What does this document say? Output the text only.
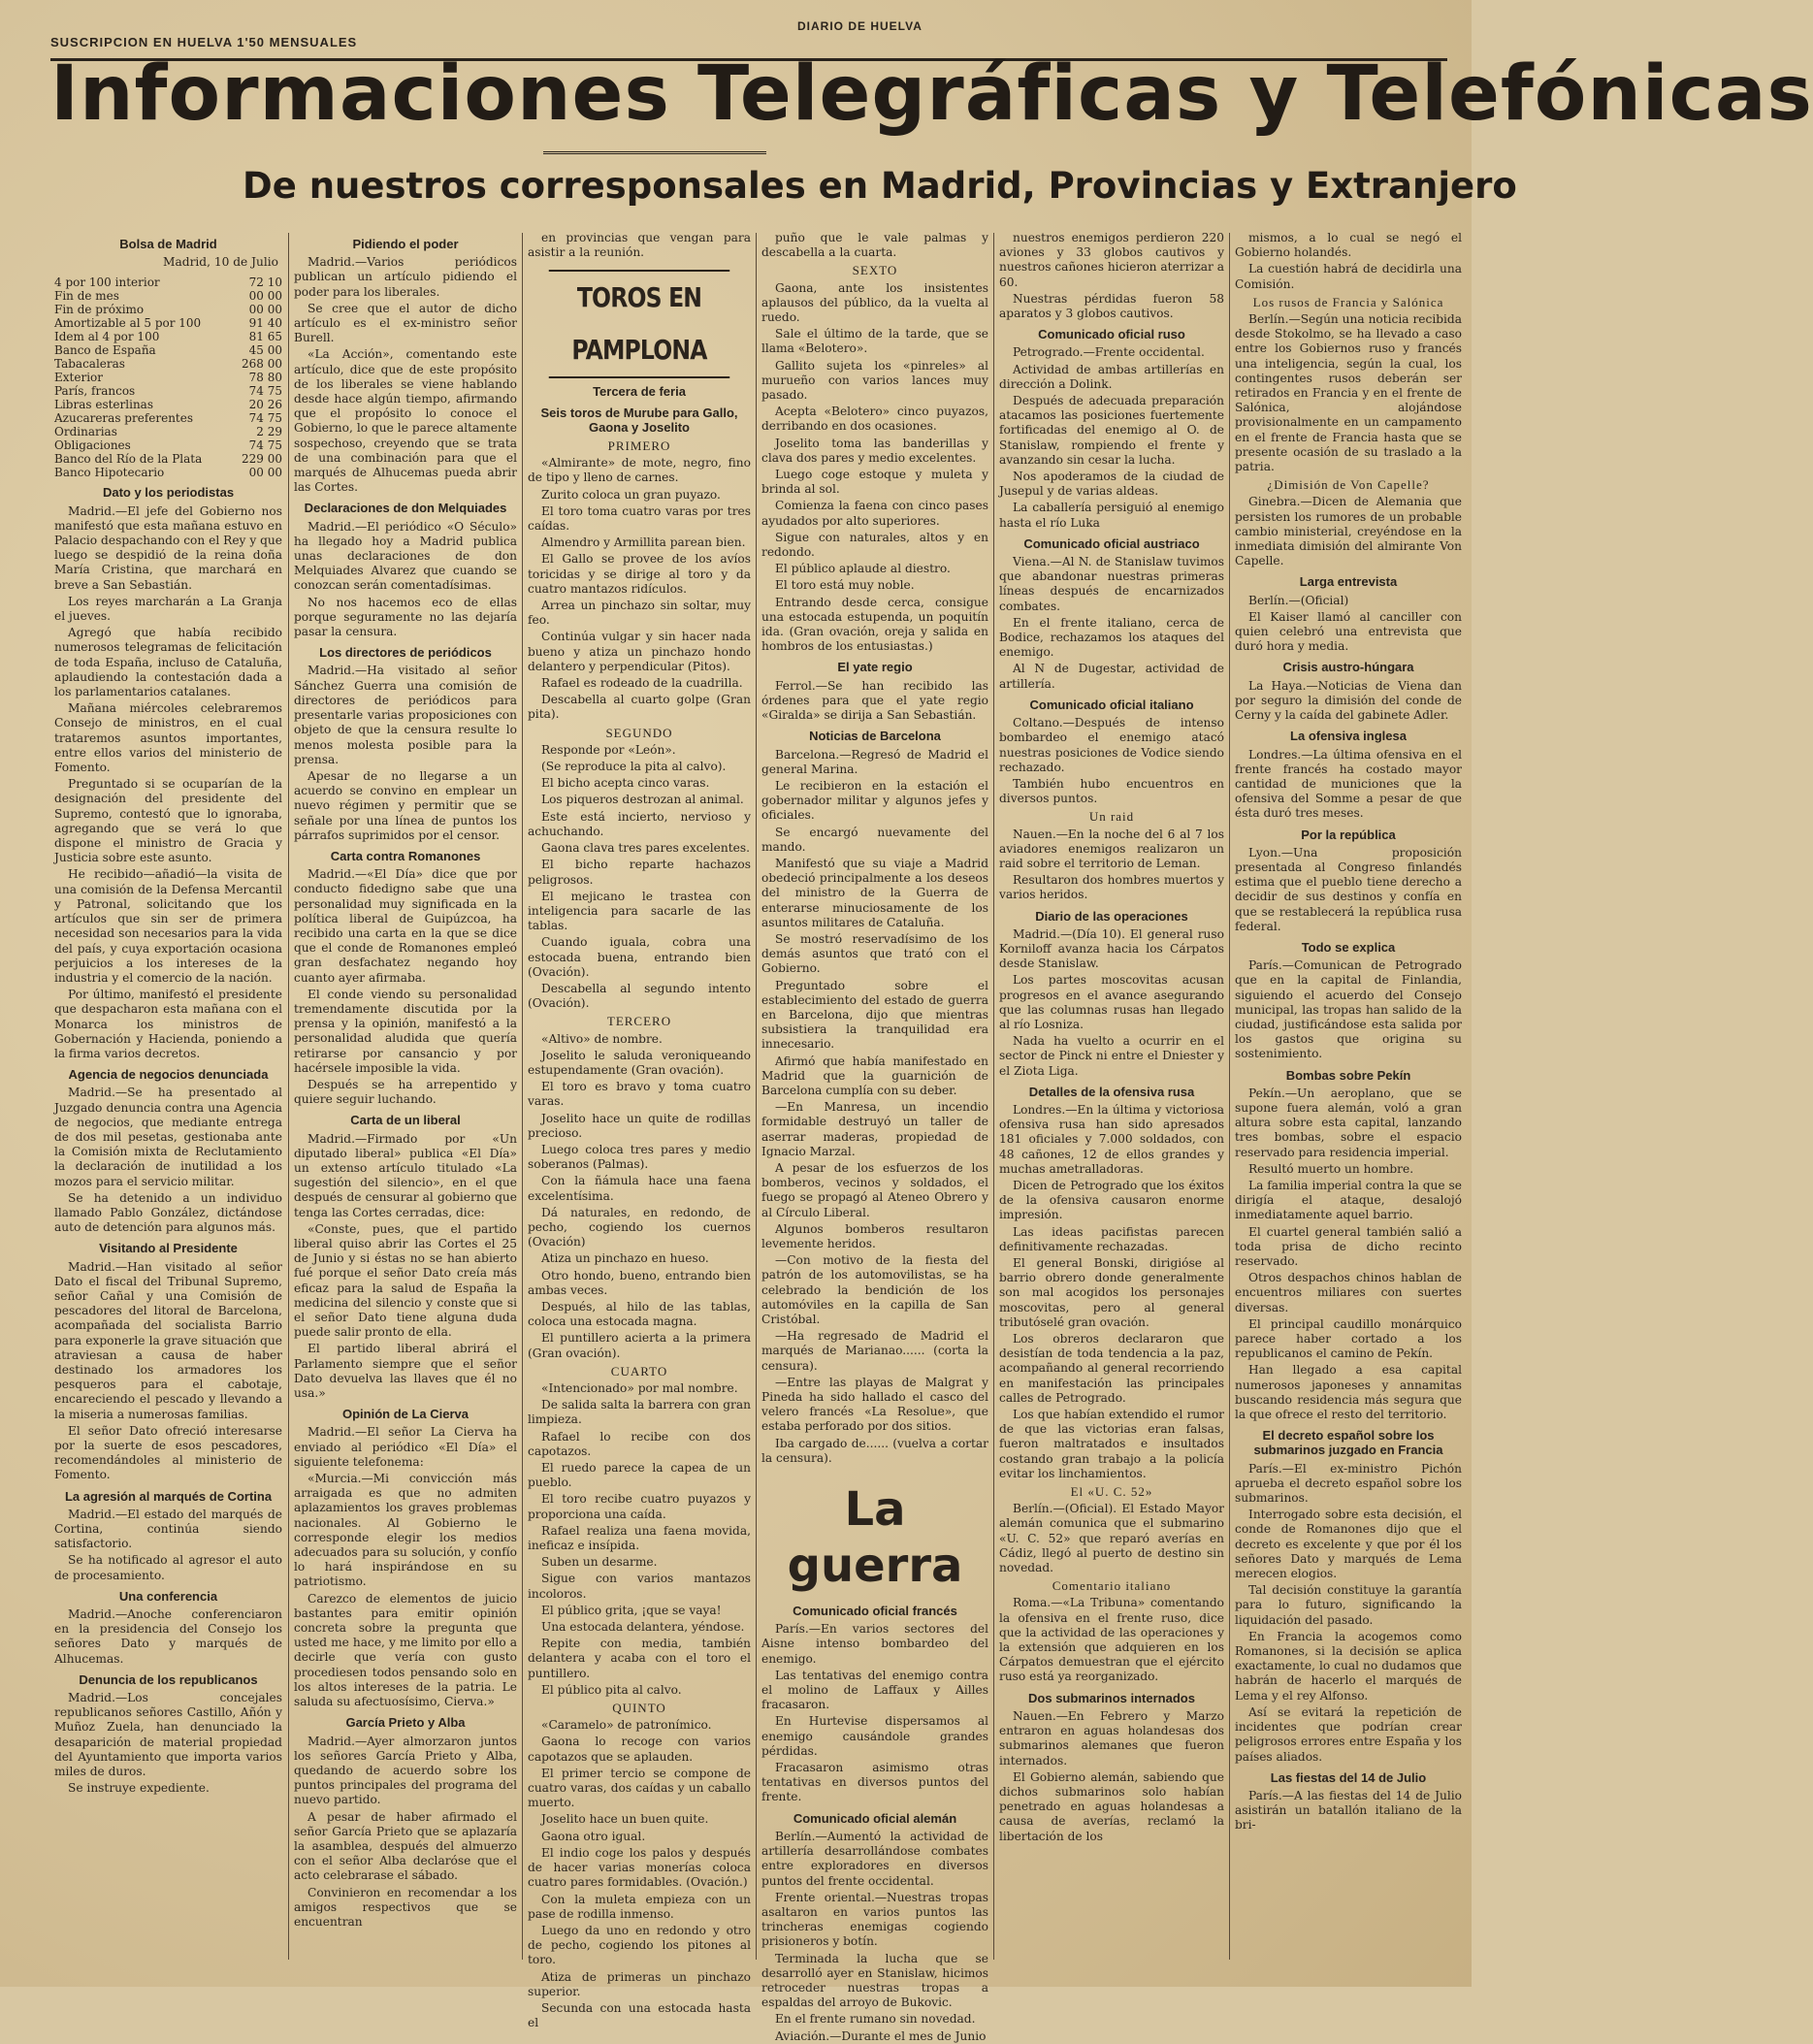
SUSCRIPCION EN HUELVA 1'50 MENSUALES
DIARIO DE HUELVA
Informaciones Telegráficas y Telefónicas
De nuestros corresponsales en Madrid, Provincias y Extranjero
Bolsa de Madrid
Madrid, 10 de Julio
4 por 100 interior	72 10
Fin de mes	00 00
Fin de próximo	00 00
Amortizable al 5 por 100	91 40
Idem al 4 por 100	81 65
Banco de España	45 00
Tabacaleras	268 00
Exterior	78 80
París, francos	74 75
Libras esterlinas	20 26
Azucareras preferentes	74 75
Ordinarias	2 29
Obligaciones	74 75
Banco del Río de la Plata	229 00
Banco Hipotecario	00 00
Dato y los periodistas

Madrid.—El jefe del Gobierno nos manifestó que esta mañana estuvo en Palacio despachando con el Rey y que luego se despidió de la reina doña María Cristina, que marchará en breve a San Sebastián.

Los reyes marcharán a La Granja el jueves.

Agregó que había recibido numerosos telegramas de felicitación de toda España, incluso de Cataluña, aplaudiendo la contestación dada a los parlamentarios catalanes.

Mañana miércoles celebraremos Consejo de ministros, en el cual trataremos asuntos importantes, entre ellos varios del ministerio de Fomento.

Preguntado si se ocuparían de la designación del presidente del Supremo, contestó que lo ignoraba, agregando que se verá lo que dispone el ministro de Gracia y Justicia sobre este asunto.

He recibido—añadió—la visita de una comisión de la Defensa Mercantil y Patronal, solicitando que los artículos que sin ser de primera necesidad son necesarios para la vida del país, y cuya exportación ocasiona perjuicios a los intereses de la industria y el comercio de la nación.

Por último, manifestó el presidente que despacharon esta mañana con el Monarca los ministros de Gobernación y Hacienda, poniendo a la firma varios decretos.

Agencia de negocios denunciada

Madrid.—Se ha presentado al Juzgado denuncia contra una Agencia de negocios, que mediante entrega de dos mil pesetas, gestionaba ante la Comisión mixta de Reclutamiento la declaración de inutilidad a los mozos para el servicio militar.

Se ha detenido a un individuo llamado Pablo González, dictándose auto de detención para algunos más.

Visitando al Presidente

Madrid.—Han visitado al señor Dato el fiscal del Tribunal Supremo, señor Cañal y una Comisión de pescadores del litoral de Barcelona, acompañada del socialista Barrio para exponerle la grave situación que atraviesan a causa de haber destinado los armadores los pesqueros para el cabotaje, encareciendo el pescado y llevando a la miseria a numerosas familias.

El señor Dato ofreció interesarse por la suerte de esos pescadores, recomendándoles al ministerio de Fomento.

La agresión al marqués de Cortina

Madrid.—El estado del marqués de Cortina, continúa siendo satisfactorio.

Se ha notificado al agresor el auto de procesamiento.

Una conferencia

Madrid.—Anoche conferenciaron en la presidencia del Consejo los señores Dato y marqués de Alhucemas.

Denuncia de los republicanos

Madrid.—Los concejales republicanos señores Castillo, Añón y Muñoz Zuela, han denunciado la desaparición de material propiedad del Ayuntamiento que importa varios miles de duros.

Se instruye expediente.

Pidiendo el poder

Madrid.—Varios periódicos publican un artículo pidiendo el poder para los liberales.

Se cree que el autor de dicho artículo es el ex-ministro señor Burell.

«La Acción», comentando este artículo, dice que de este propósito de los liberales se viene hablando desde hace algún tiempo, afirmando que el propósito lo conoce el Gobierno, lo que le parece altamente sospechoso, creyendo que se trata de una combinación para que el marqués de Alhucemas pueda abrir las Cortes.

Declaraciones de don Melquiades

Madrid.—El periódico «O Século» ha llegado hoy a Madrid publica unas declaraciones de don Melquiades Alvarez que cuando se conozcan serán comentadísimas.

No nos hacemos eco de ellas porque seguramente no las dejaría pasar la censura.

Los directores de periódicos

Madrid.—Ha visitado al señor Sánchez Guerra una comisión de directores de periódicos para presentarle varias proposiciones con objeto de que la censura resulte lo menos molesta posible para la prensa.

Apesar de no llegarse a un acuerdo se convino en emplear un nuevo régimen y permitir que se señale por una línea de puntos los párrafos suprimidos por el censor.

Carta contra Romanones

Madrid.—«El Día» dice que por conducto fidedigno sabe que una personalidad muy significada en la política liberal de Guipúzcoa, ha recibido una carta en la que se dice que el conde de Romanones empleó gran desfachatez negando hoy cuanto ayer afirmaba.

El conde viendo su personalidad tremendamente discutida por la prensa y la opinión, manifestó a la personalidad aludida que quería retirarse por cansancio y por hacérsele imposible la vida.

Después se ha arrepentido y quiere seguir luchando.

Carta de un liberal

Madrid.—Firmado por «Un diputado liberal» publica «El Día» un extenso artículo titulado «La sugestión del silencio», en el que después de censurar al gobierno que tenga las Cortes cerradas, dice:

«Conste, pues, que el partido liberal quiso abrir las Cortes el 25 de Junio y si éstas no se han abierto fué porque el señor Dato creía más eficaz para la salud de España la medicina del silencio y conste que si el señor Dato tiene alguna duda puede salir pronto de ella.

El partido liberal abrirá el Parlamento siempre que el señor Dato devuelva las llaves que él no usa.»

Opinión de La Cierva

Madrid.—El señor La Cierva ha enviado al periódico «El Día» el siguiente telefonema:

«Murcia.—Mi convicción más arraigada es que no admiten aplazamientos los graves problemas nacionales. Al Gobierno le corresponde elegir los medios adecuados para su solución, y confío lo hará inspirándose en su patriotismo.

Carezco de elementos de juicio bastantes para emitir opinión concreta sobre la pregunta que usted me hace, y me limito por ello a decirle que vería con gusto procediesen todos pensando solo en los altos intereses de la patria. Le saluda su afectuosísimo, Cierva.»

García Prieto y Alba

Madrid.—Ayer almorzaron juntos los señores García Prieto y Alba, quedando de acuerdo sobre los puntos principales del programa del nuevo partido.

A pesar de haber afirmado el señor García Prieto que se aplazaría la asamblea, después del almuerzo con el señor Alba declaróse que el acto celebrarase el sábado.

Convinieron en recomendar a los amigos respectivos que se encuentran

en provincias que vengan para asistir a la reunión.

TOROS EN PAMPLONA
Tercera de feria
Seis toros de Murube para Gallo, Gaona y Joselito
PRIMERO

«Almirante» de mote, negro, fino de tipo y lleno de carnes.

Zurito coloca un gran puyazo.

El toro toma cuatro varas por tres caídas.

Almendro y Armillita parean bien.

El Gallo se provee de los avíos toricidas y se dirige al toro y da cuatro mantazos ridículos.

Arrea un pinchazo sin soltar, muy feo.

Continúa vulgar y sin hacer nada bueno y atiza un pinchazo hondo delantero y perpendicular (Pitos).

Rafael es rodeado de la cuadrilla.

Descabella al cuarto golpe (Gran pita).

SEGUNDO

Responde por «León».

(Se reproduce la pita al calvo).

El bicho acepta cinco varas.

Los piqueros destrozan al animal.

Este está incierto, nervioso y achuchando.

Gaona clava tres pares excelentes.

El bicho reparte hachazos peligrosos.

El mejicano le trastea con inteligencia para sacarle de las tablas.

Cuando iguala, cobra una estocada buena, entrando bien (Ovación).

Descabella al segundo intento (Ovación).

TERCERO

«Altivo» de nombre.

Joselito le saluda veroniqueando estupendamente (Gran ovación).

El toro es bravo y toma cuatro varas.

Joselito hace un quite de rodillas precioso.

Luego coloca tres pares y medio soberanos (Palmas).

Con la ñámula hace una faena excelentísima.

Dá naturales, en redondo, de pecho, cogiendo los cuernos (Ovación)

Atiza un pinchazo en hueso.

Otro hondo, bueno, entrando bien ambas veces.

Después, al hilo de las tablas, coloca una estocada magna.

El puntillero acierta a la primera (Gran ovación).

CUARTO

«Intencionado» por mal nombre.

De salida salta la barrera con gran limpieza.

Rafael lo recibe con dos capotazos.

El ruedo parece la capea de un pueblo.

El toro recibe cuatro puyazos y proporciona una caída.

Rafael realiza una faena movida, ineficaz e insípida.

Suben un desarme.

Sigue con varios mantazos incoloros.

El público grita, ¡que se vaya!

Una estocada delantera, yéndose.

Repite con media, también delantera y acaba con el toro el puntillero.

El público pita al calvo.

QUINTO

«Caramelo» de patronímico.

Gaona lo recoge con varios capotazos que se aplauden.

El primer tercio se compone de cuatro varas, dos caídas y un caballo muerto.

Joselito hace un buen quite.

Gaona otro igual.

El indio coge los palos y después de hacer varias monerías coloca cuatro pares formidables. (Ovación.)

Con la muleta empieza con un pase de rodilla inmenso.

Luego da uno en redondo y otro de pecho, cogiendo los pitones al toro.

Atiza de primeras un pinchazo superior.

Secunda con una estocada hasta el

puño que le vale palmas y descabella a la cuarta.

SEXTO

Gaona, ante los insistentes aplausos del público, da la vuelta al ruedo.

Sale el último de la tarde, que se llama «Belotero».

Gallito sujeta los «pinreles» al murueño con varios lances muy pasado.

Acepta «Belotero» cinco puyazos, derribando en dos ocasiones.

Joselito toma las banderillas y clava dos pares y medio excelentes.

Luego coge estoque y muleta y brinda al sol.

Comienza la faena con cinco pases ayudados por alto superiores.

Sigue con naturales, altos y en redondo.

El público aplaude al diestro.

El toro está muy noble.

Entrando desde cerca, consigue una estocada estupenda, un poquitín ida. (Gran ovación, oreja y salida en hombros de los entusiastas.)

El yate regio

Ferrol.—Se han recibido las órdenes para que el yate regio «Giralda» se dirija a San Sebastián.

Noticias de Barcelona

Barcelona.—Regresó de Madrid el general Marina.

Le recibieron en la estación el gobernador militar y algunos jefes y oficiales.

Se encargó nuevamente del mando.

Manifestó que su viaje a Madrid obedeció principalmente a los deseos del ministro de la Guerra de enterarse minuciosamente de los asuntos militares de Cataluña.

Se mostró reservadísimo de los demás asuntos que trató con el Gobierno.

Preguntado sobre el establecimiento del estado de guerra en Barcelona, dijo que mientras subsistiera la tranquilidad era innecesario.

Afirmó que había manifestado en Madrid que la guarnición de Barcelona cumplía con su deber.

—En Manresa, un incendio formidable destruyó un taller de aserrar maderas, propiedad de Ignacio Marzal.

A pesar de los esfuerzos de los bomberos, vecinos y soldados, el fuego se propagó al Ateneo Obrero y al Círculo Liberal.

Algunos bomberos resultaron levemente heridos.

—Con motivo de la fiesta del patrón de los automovilistas, se ha celebrado la bendición de los automóviles en la capilla de San Cristóbal.

—Ha regresado de Madrid el marqués de Marianao...... (corta la censura).

—Entre las playas de Malgrat y Pineda ha sido hallado el casco del velero francés «La Resolue», que estaba perforado por dos sitios.

Iba cargado de...... (vuelva a cortar la censura).

La guerra
Comunicado oficial francés

París.—En varios sectores del Aisne intenso bombardeo del enemigo.

Las tentativas del enemigo contra el molino de Laffaux y Ailles fracasaron.

En Hurtevise dispersamos al enemigo causándole grandes pérdidas.

Fracasaron asimismo otras tentativas en diversos puntos del frente.

Comunicado oficial alemán

Berlín.—Aumentó la actividad de artillería desarrollándose combates entre exploradores en diversos puntos del frente occidental.

Frente oriental.—Nuestras tropas asaltaron en varios puntos las trincheras enemigas cogiendo prisioneros y botín.

Terminada la lucha que se desarrolló ayer en Stanislaw, hicimos retroceder nuestras tropas a espaldas del arroyo de Bukovic.

En el frente rumano sin novedad.

Aviación.—Durante el mes de Junio

nuestros enemigos perdieron 220 aviones y 33 globos cautivos y nuestros cañones hicieron aterrizar a 60.

Nuestras pérdidas fueron 58 aparatos y 3 globos cautivos.

Comunicado oficial ruso

Petrogrado.—Frente occidental.

Actividad de ambas artillerías en dirección a Dolink.

Después de adecuada preparación atacamos las posiciones fuertemente fortificadas del enemigo al O. de Stanislaw, rompiendo el frente y avanzando sin cesar la lucha.

Nos apoderamos de la ciudad de Jusepul y de varias aldeas.

La caballería persiguió al enemigo hasta el río Luka

Comunicado oficial austriaco

Viena.—Al N. de Stanislaw tuvimos que abandonar nuestras primeras líneas después de encarnizados combates.

En el frente italiano, cerca de Bodice, rechazamos los ataques del enemigo.

Al N de Dugestar, actividad de artillería.

Comunicado oficial italiano

Coltano.—Después de intenso bombardeo el enemigo atacó nuestras posiciones de Vodice siendo rechazado.

También hubo encuentros en diversos puntos.

Un raid

Nauen.—En la noche del 6 al 7 los aviadores enemigos realizaron un raid sobre el territorio de Leman.

Resultaron dos hombres muertos y varios heridos.

Diario de las operaciones

Madrid.—(Día 10). El general ruso Korniloff avanza hacia los Cárpatos desde Stanislaw.

Los partes moscovitas acusan progresos en el avance asegurando que las columnas rusas han llegado al río Losniza.

Nada ha vuelto a ocurrir en el sector de Pinck ni entre el Dniester y el Ziota Liga.

Detalles de la ofensiva rusa

Londres.—En la última y victoriosa ofensiva rusa han sido apresados 181 oficiales y 7.000 soldados, con 48 cañones, 12 de ellos grandes y muchas ametralladoras.

Dicen de Petrogrado que los éxitos de la ofensiva causaron enorme impresión.

Las ideas pacifistas parecen definitivamente rechazadas.

El general Bonski, dirigióse al barrio obrero donde generalmente son mal acogidos los personajes moscovitas, pero al general tributóselé gran ovación.

Los obreros declararon que desistían de toda tendencia a la paz, acompañando al general recorriendo en manifestación las principales calles de Petrogrado.

Los que habían extendido el rumor de que las victorias eran falsas, fueron maltratados e insultados costando gran trabajo a la policía evitar los linchamientos.

El «U. C. 52»

Berlín.—(Oficial). El Estado Mayor alemán comunica que el submarino «U. C. 52» que reparó averías en Cádiz, llegó al puerto de destino sin novedad.

Comentario italiano

Roma.—«La Tribuna» comentando la ofensiva en el frente ruso, dice que la actividad de las operaciones y la extensión que adquieren en los Cárpatos demuestran que el ejército ruso está ya reorganizado.

Dos submarinos internados

Nauen.—En Febrero y Marzo entraron en aguas holandesas dos submarinos alemanes que fueron internados.

El Gobierno alemán, sabiendo que dichos submarinos solo habían penetrado en aguas holandesas a causa de averías, reclamó la libertación de los

mismos, a lo cual se negó el Gobierno holandés.

La cuestión habrá de decidirla una Comisión.

Los rusos de Francia y Salónica

Berlín.—Según una noticia recibida desde Stokolmo, se ha llevado a caso entre los Gobiernos ruso y francés una inteligencia, según la cual, los contingentes rusos deberán ser retirados en Francia y en el frente de Salónica, alojándose provisionalmente en un campamento en el frente de Francia hasta que se presente ocasión de su traslado a la patria.

¿Dimisión de Von Capelle?

Ginebra.—Dicen de Alemania que persisten los rumores de un probable cambio ministerial, creyéndose en la inmediata dimisión del almirante Von Capelle.

Larga entrevista

Berlín.—(Oficial)

El Kaiser llamó al canciller con quien celebró una entrevista que duró hora y media.

Crisis austro-húngara

La Haya.—Noticias de Viena dan por seguro la dimisión del conde de Cerny y la caída del gabinete Adler.

La ofensiva inglesa

Londres.—La última ofensiva en el frente francés ha costado mayor cantidad de municiones que la ofensiva del Somme a pesar de que ésta duró tres meses.

Por la república

Lyon.—Una proposición presentada al Congreso finlandés estima que el pueblo tiene derecho a decidir de sus destinos y confía en que se restablecerá la república rusa federal.

Todo se explica

París.—Comunican de Petrogrado que en la capital de Finlandia, siguiendo el acuerdo del Consejo municipal, las tropas han salido de la ciudad, justificándose esta salida por los gastos que origina su sostenimiento.

Bombas sobre Pekín

Pekín.—Un aeroplano, que se supone fuera alemán, voló a gran altura sobre esta capital, lanzando tres bombas, sobre el espacio reservado para residencia imperial.

Resultó muerto un hombre.

La familia imperial contra la que se dirigía el ataque, desalojó inmediatamente aquel barrio.

El cuartel general también salió a toda prisa de dicho recinto reservado.

Otros despachos chinos hablan de encuentros miliares con suertes diversas.

El principal caudillo monárquico parece haber cortado a los republicanos el camino de Pekín.

Han llegado a esa capital numerosos japoneses y annamitas buscando residencia más segura que la que ofrece el resto del territorio.

El decreto español sobre los submarinos juzgado en Francia

París.—El ex-ministro Pichón aprueba el decreto español sobre los submarinos.

Interrogado sobre esta decisión, el conde de Romanones dijo que el decreto es excelente y que por él los señores Dato y marqués de Lema merecen elogios.

Tal decisión constituye la garantía para lo futuro, significando la liquidación del pasado.

En Francia la acogemos como Romanones, si la decisión se aplica exactamente, lo cual no dudamos que habrán de hacerlo el marqués de Lema y el rey Alfonso.

Así se evitará la repetición de incidentes que podrían crear peligrosos errores entre España y los países aliados.

Las fiestas del 14 de Julio

París.—A las fiestas del 14 de Julio asistirán un batallón italiano de la bri-
